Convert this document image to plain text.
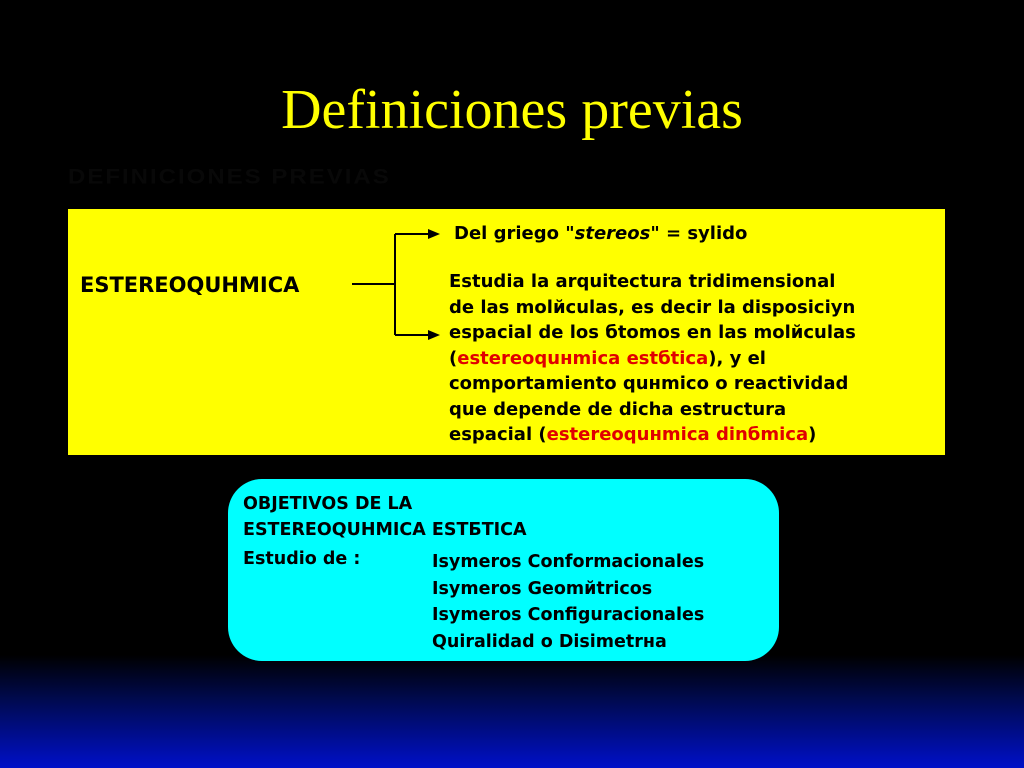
Definiciones previas
DEFINICIONES PREVIAS
ESTEREOQUНMICA
Del griego "stereos" = sуlido
Estudia la arquitectura tridimensional
de las molйculas, es decir la disposiciуn
espacial de los бtomos en las molйculas
(estereoquнmica estбtica), y el
comportamiento quнmico o reactividad
que depende de dicha estructura
espacial (estereoquнmica dinбmica)
OBJETIVOS DE LA
ESTEREOQUНMICA ESTБTICA
Estudio de :	Isуmeros Conformacionales
Isуmeros Geomйtricos
Isуmeros Configuracionales
Quiralidad o Disimetrнa
